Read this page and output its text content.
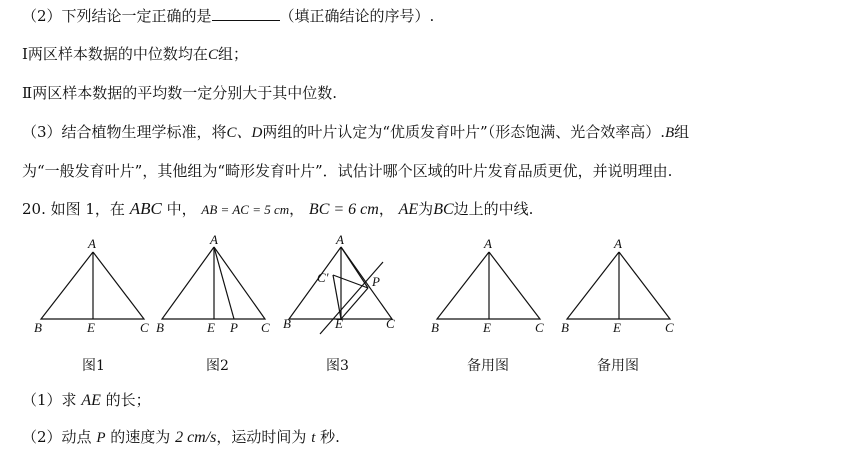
（2）下列结论一定正确的是	（填正确结论的序号）.
Ⅰ两区样本数据的中位数均在C组；
Ⅱ两区样本数据的平均数一定分别大于其中位数.
（3）结合植物生理学标准，将C、D两组的叶片认定为“优质发育叶片”（形态饱满、光合效率高）.B组
为“一般发育叶片”，其他组为“畸形发育叶片”．试估计哪个区域的叶片发育品质更优，并说明理由.
20. 如图 1，在 ABC 中， AB = AC = 5 cm， BC = 6 cm， AE为BC边上的中线.
A
B	E	C
A
B	E P C
A
C'	P
B	E	C
A
B	E	C
A
B	E	C
图1	图2	图3	备用图	备用图
（1）求 AE 的长；
（2）动点 P 的速度为 2 cm/s，运动时间为 t 秒.
